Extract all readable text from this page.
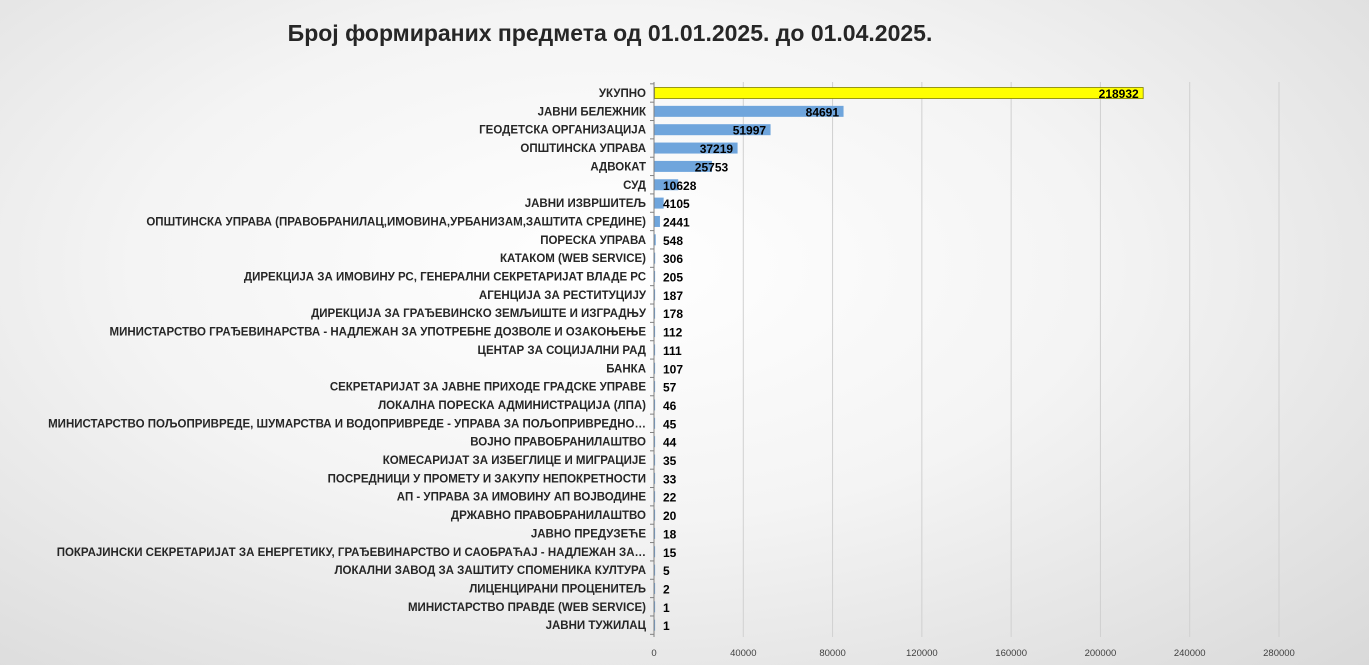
Број формираних предмета од 01.01.2025. до 01.04.2025.
0	40000	80000	120000	160000	200000	240000	280000
УКУПНО	218932
ЈАВНИ БЕЛЕЖНИК	84691
ГЕОДЕТСКА ОРГАНИЗАЦИЈА	51997
ОПШТИНСКА УПРАВА	37219
АДВОКАТ	25753
СУД 10628
ЈАВНИ ИЗВРШИТЕЉ 4105
ОПШТИНСКА УПРАВА (ПРАВОБРАНИЛАЦ,ИМОВИНА,УРБАНИЗАМ,ЗАШТИТА СРЕДИНЕ) 2441
ПОРЕСКА УПРАВА 548
КАТАКОМ (WEB SERVICE) 306
ДИРЕКЦИЈА ЗА ИМОВИНУ РС, ГЕНЕРАЛНИ СЕКРЕТАРИЈАТ ВЛАДЕ РС 205
АГЕНЦИЈА ЗА РЕСТИТУЦИЈУ 187
ДИРЕКЦИЈА ЗА ГРАЂЕВИНСКО ЗЕМЉИШТЕ И ИЗГРАДЊУ 178
МИНИСТАРСТВО ГРАЂЕВИНАРСТВА - НАДЛЕЖАН ЗА УПОТРЕБНЕ ДОЗВОЛЕ И ОЗАКОЊЕЊЕ 112
ЦЕНТАР ЗА СОЦИЈАЛНИ РАД 111
БАНКА 107
СЕКРЕТАРИЈАТ ЗА ЈАВНЕ ПРИХОДЕ ГРАДСКЕ УПРАВЕ 57
ЛОКАЛНА ПОРЕСКА АДМИНИСТРАЦИЈА (ЛПА) 46
МИНИСТАРСТВО ПОЉОПРИВРЕДЕ, ШУМАРСТВА И ВОДОПРИВРЕДЕ - УПРАВА ЗА ПОЉОПРИВРЕДНО… 45
ВОЈНО ПРАВОБРАНИЛАШТВО 44
КОМЕСАРИЈАТ ЗА ИЗБЕГЛИЦЕ И МИГРАЦИЈЕ 35
ПОСРЕДНИЦИ У ПРОМЕТУ И ЗАКУПУ НЕПОКРЕТНОСТИ 33
АП - УПРАВА ЗА ИМОВИНУ АП ВОЈВОДИНЕ 22
ДРЖАВНО ПРАВОБРАНИЛАШТВО 20
ЈАВНО ПРЕДУЗЕЋЕ 18
ПОКРАЈИНСКИ СЕКРЕТАРИЈАТ ЗА ЕНЕРГЕТИКУ, ГРАЂЕВИНАРСТВО И САОБРАЋАЈ - НАДЛЕЖАН ЗА… 15
ЛОКАЛНИ ЗАВОД ЗА ЗАШТИТУ СПОМЕНИКА КУЛТУРА 5
ЛИЦЕНЦИРАНИ ПРОЦЕНИТЕЉ 2
МИНИСТАРСТВО ПРАВДЕ (WEB SERVICE) 1
ЈАВНИ ТУЖИЛАЦ 1
